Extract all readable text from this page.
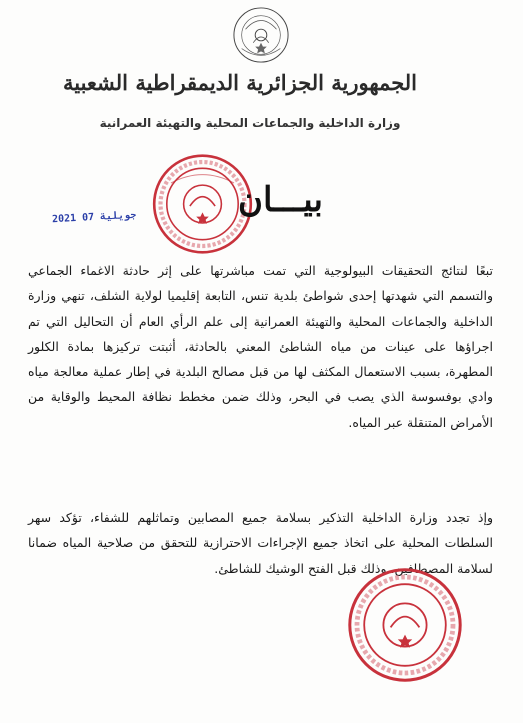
الجمهورية الجزائرية الديمقراطية الشعبية
وزارة الداخلية والجماعات المحلية والتهيئة العمرانية
بيـــان
2021 جويلية 07
تبعًا لنتائج التحقيقات البيولوجية التي تمت مباشرتها على إثر حادثة الاغماء الجماعي والتسمم التي شهدتها إحدى شواطئ بلدية تنس، التابعة إقليميا لولاية الشلف، تنهي وزارة الداخلية والجماعات المحلية والتهيئة العمرانية إلى علم الرأي العام أن التحاليل التي تم اجراؤها على عينات من مياه الشاطئ المعني بالحادثة، أثبتت تركيزها بمادة الكلور المطهرة، بسبب الاستعمال المكثف لها من قبل مصالح البلدية في إطار عملية معالجة مياه وادي بوفسوسة الذي يصب في البحر، وذلك ضمن مخطط نظافة المحيط والوقاية من الأمراض المتنقلة عبر المياه.
وإذ تجدد وزارة الداخلية التذكير بسلامة جميع المصابين وتماثلهم للشفاء، تؤكد سهر السلطات المحلية على اتخاذ جميع الإجراءات الاحترازية للتحقق من صلاحية المياه ضمانا لسلامة المصطافين، وذلك قبل الفتح الوشيك للشاطئ.
